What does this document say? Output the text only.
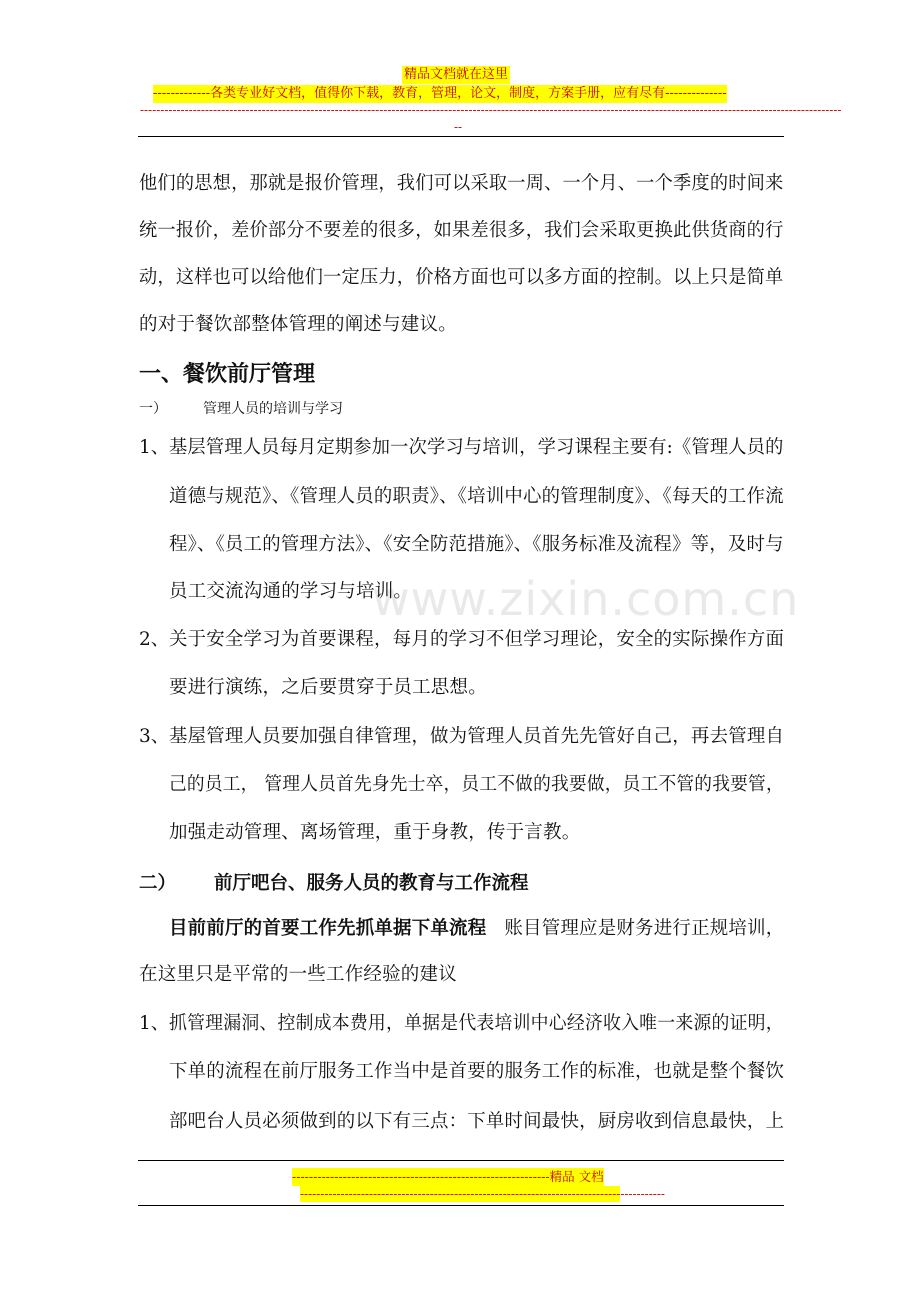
精品文档就在这里
-------------各类专业好文档，值得你下载，教育，管理，论文，制度，方案手册，应有尽有--------------
-----------------------------------------------------------------------------------------------------------------------------------------------------------------------------
--
www.zixin.com.cn
他们的思想，那就是报价管理，我们可以采取一周、一个月、一个季度的时间来
统一报价，差价部分不要差的很多，如果差很多，我们会采取更换此供货商的行
动，这样也可以给他们一定压力，价格方面也可以多方面的控制。以上只是简单
的对于餐饮部整体管理的阐述与建议。
一、餐饮前厅管理
一）	管理人员的培训与学习
1、 基层管理人员每月定期参加一次学习与培训，学习课程主要有:《管理人员的
道德与规范》、《管理人员的职责》、《培训中心的管理制度》、《每天的工作流
程》、《员工的管理方法》、《安全防范措施》、《服务标准及流程》等，及时与
员工交流沟通的学习与培训。
2、 关于安全学习为首要课程，每月的学习不但学习理论，安全的实际操作方面
要进行演练，之后要贯穿于员工思想。
3、 基屋管理人员要加强自律管理，做为管理人员首先先管好自己，再去管理自
己的员工， 管理人员首先身先士卒，员工不做的我要做，员工不管的我要管，
加强走动管理、离场管理，重于身教，传于言教。
二） 前厅吧台、服务人员的教育与工作流程
目前前厅的首要工作先抓单据下单流程 账目管理应是财务进行正规培训，
在这里只是平常的一些工作经验的建议
1、 抓管理漏洞、控制成本费用，单据是代表培训中心经济收入唯一来源的证明，
下单的流程在前厅服务工作当中是首要的服务工作的标准，也就是整个餐饮
部吧台人员必须做到的以下有三点：下单时间最快，厨房收到信息最快，上
-------------------------------------------------------------精品 文档
------------------------------------------------------------------------------------------
